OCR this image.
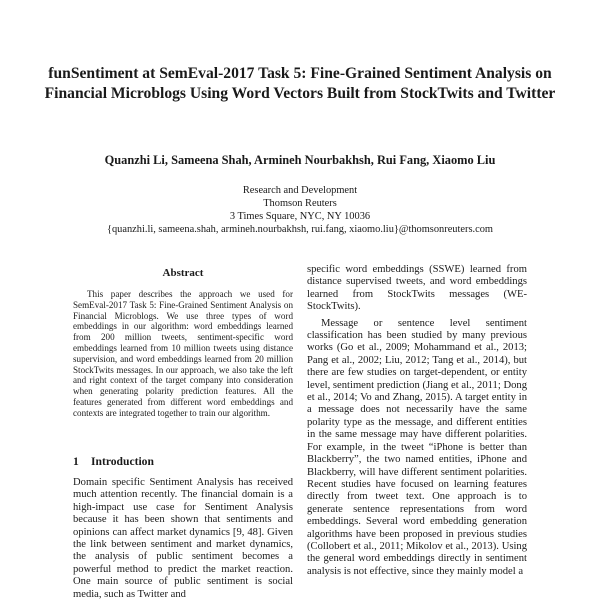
funSentiment at SemEval-2017 Task 5: Fine-Grained Sentiment Analysis on Financial Microblogs Using Word Vectors Built from StockTwits and Twitter
Quanzhi Li, Sameena Shah, Armineh Nourbakhsh, Rui Fang, Xiaomo Liu
Research and Development
Thomson Reuters
3 Times Square, NYC, NY 10036
{quanzhi.li, sameena.shah, armineh.nourbakhsh, rui.fang, xiaomo.liu}@thomsonreuters.com
Abstract

This paper describes the approach we used for SemEval-2017 Task 5: Fine-Grained Sentiment Analysis on Financial Microblogs. We use three types of word embeddings in our algorithm: word embeddings learned from 200 million tweets, sentiment-specific word embeddings learned from 10 million tweets using distance supervision, and word embeddings learned from 20 million StockTwits messages. In our approach, we also take the left and right context of the target company into consideration when generating polarity prediction features. All the features generated from different word embeddings and contexts are integrated together to train our algorithm.

1 Introduction

Domain specific Sentiment Analysis has received much attention recently. The financial domain is a high-impact use case for Sentiment Analysis because it has been shown that sentiments and opinions can affect market dynamics [9, 48]. Given the link between sentiment and market dynamics, the analysis of public sentiment becomes a powerful method to predict the market reaction. One main source of public sentiment is social media, such as Twitter and

specific word embeddings (SSWE) learned from distance supervised tweets, and word embeddings learned from StockTwits messages (WE-StockTwits).

Message or sentence level sentiment classification has been studied by many previous works (Go et al., 2009; Mohammand et al., 2013; Pang et al., 2002; Liu, 2012; Tang et al., 2014), but there are few studies on target-dependent, or entity level, sentiment prediction (Jiang et al., 2011; Dong et al., 2014; Vo and Zhang, 2015). A target entity in a message does not necessarily have the same polarity type as the message, and different entities in the same message may have different polarities. For example, in the tweet “iPhone is better than Blackberry”, the two named entities, iPhone and Blackberry, will have different sentiment polarities. Recent studies have focused on learning features directly from tweet text. One approach is to generate sentence representations from word embeddings. Several word embedding generation algorithms have been proposed in previous studies (Collobert et al., 2011; Mikolov et al., 2013). Using the general word embeddings directly in sentiment analysis is not effective, since they mainly model a
